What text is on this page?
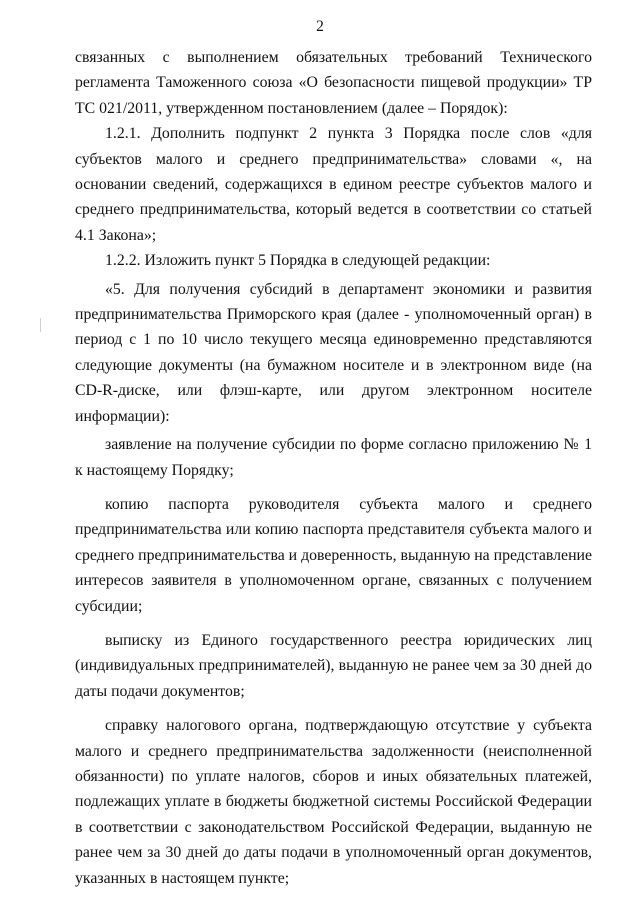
2

связанных с выполнением обязательных требований Технического регламента Таможенного союза «О безопасности пищевой продукции» ТР ТС 021/2011, утвержденном постановлением (далее – Порядок):

1.2.1. Дополнить подпункт 2 пункта 3 Порядка после слов «для субъектов малого и среднего предпринимательства» словами «, на основании сведений, содержащихся в едином реестре субъектов малого и среднего предпринимательства, который ведется в соответствии со статьей 4.1 Закона»;

1.2.2. Изложить пункт 5 Порядка в следующей редакции:

«5. Для получения субсидий в департамент экономики и развития предпринимательства Приморского края (далее - уполномоченный орган) в период с 1 по 10 число текущего месяца единовременно представляются следующие документы (на бумажном носителе и в электронном виде (на CD-R-диске, или флэш-карте, или другом электронном носителе информации):

заявление на получение субсидии по форме согласно приложению № 1 к настоящему Порядку;

копию паспорта руководителя субъекта малого и среднего предпринимательства или копию паспорта представителя субъекта малого и среднего предпринимательства и доверенность, выданную на представление интересов заявителя в уполномоченном органе, связанных с получением субсидии;

выписку из Единого государственного реестра юридических лиц (индивидуальных предпринимателей), выданную не ранее чем за 30 дней до даты подачи документов;

справку налогового органа, подтверждающую отсутствие у субъекта малого и среднего предпринимательства задолженности (неисполненной обязанности) по уплате налогов, сборов и иных обязательных платежей, подлежащих уплате в бюджеты бюджетной системы Российской Федерации в соответствии с законодательством Российской Федерации, выданную не ранее чем за 30 дней до даты подачи в уполномоченный орган документов, указанных в настоящем пункте;
